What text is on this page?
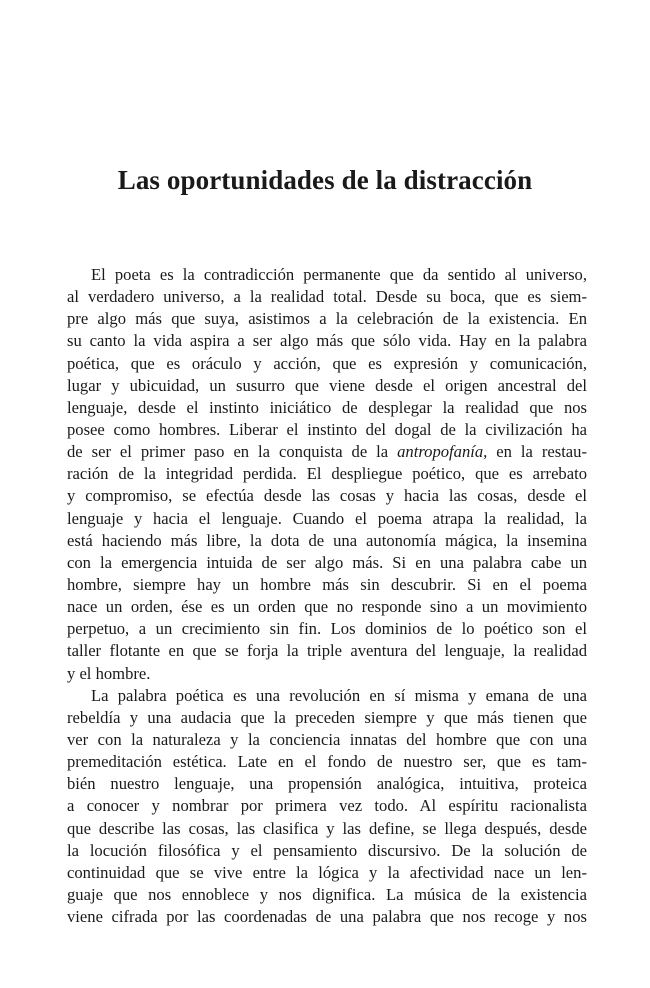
Las oportunidades de la distracción
El poeta es la contradicción permanente que da sentido al universo,
al verdadero universo, a la realidad total. Desde su boca, que es siem-
pre algo más que suya, asistimos a la celebración de la existencia. En
su canto la vida aspira a ser algo más que sólo vida. Hay en la palabra
poética, que es oráculo y acción, que es expresión y comunicación,
lugar y ubicuidad, un susurro que viene desde el origen ancestral del
lenguaje, desde el instinto iniciático de desplegar la realidad que nos
posee como hombres. Liberar el instinto del dogal de la civilización ha
de ser el primer paso en la conquista de la antropofanía, en la restau-
ración de la integridad perdida. El despliegue poético, que es arrebato
y compromiso, se efectúa desde las cosas y hacia las cosas, desde el
lenguaje y hacia el lenguaje. Cuando el poema atrapa la realidad, la
está haciendo más libre, la dota de una autonomía mágica, la insemina
con la emergencia intuida de ser algo más. Si en una palabra cabe un
hombre, siempre hay un hombre más sin descubrir. Si en el poema
nace un orden, ése es un orden que no responde sino a un movimiento
perpetuo, a un crecimiento sin fin. Los dominios de lo poético son el
taller flotante en que se forja la triple aventura del lenguaje, la realidad
y el hombre.
La palabra poética es una revolución en sí misma y emana de una
rebeldía y una audacia que la preceden siempre y que más tienen que
ver con la naturaleza y la conciencia innatas del hombre que con una
premeditación estética. Late en el fondo de nuestro ser, que es tam-
bién nuestro lenguaje, una propensión analógica, intuitiva, proteica
a conocer y nombrar por primera vez todo. Al espíritu racionalista
que describe las cosas, las clasifica y las define, se llega después, desde
la locución filosófica y el pensamiento discursivo. De la solución de
continuidad que se vive entre la lógica y la afectividad nace un len-
guaje que nos ennoblece y nos dignifica. La música de la existencia
viene cifrada por las coordenadas de una palabra que nos recoge y nos
